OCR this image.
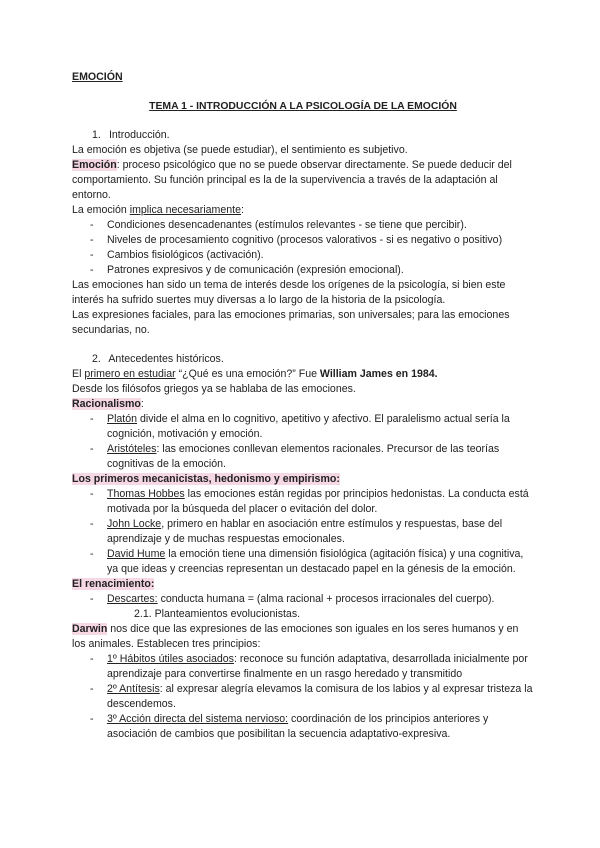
EMOCIÓN
TEMA 1 - INTRODUCCIÓN A LA PSICOLOGÍA DE LA EMOCIÓN
1. Introducción.

La emoción es objetiva (se puede estudiar), el sentimiento es subjetivo.

Emoción: proceso psicológico que no se puede observar directamente. Se puede deducir del comportamiento. Su función principal es la de la supervivencia a través de la adaptación al entorno.

La emoción implica necesariamente:

- Condiciones desencadenantes (estímulos relevantes - se tiene que percibir).
- Niveles de procesamiento cognitivo (procesos valorativos - si es negativo o positivo)
- Cambios fisiológicos (activación).
- Patrones expresivos y de comunicación (expresión emocional).

Las emociones han sido un tema de interés desde los orígenes de la psicología, si bien este interés ha sufrido suertes muy diversas a lo largo de la historia de la psicología.

Las expresiones faciales, para las emociones primarias, son universales; para las emociones secundarias, no.

2. Antecedentes históricos.

El primero en estudiar “¿Qué es una emoción?” Fue William James en 1984.

Desde los filósofos griegos ya se hablaba de las emociones.

Racionalismo:

- Platón divide el alma en lo cognitivo, apetitivo y afectivo. El paralelismo actual sería la cognición, motivación y emoción.
- Aristóteles: las emociones conllevan elementos racionales. Precursor de las teorías cognitivas de la emoción.

Los primeros mecanicistas, hedonismo y empirismo:

- Thomas Hobbes las emociones están regidas por principios hedonistas. La conducta está motivada por la búsqueda del placer o evitación del dolor.
- John Locke, primero en hablar en asociación entre estímulos y respuestas, base del aprendizaje y de muchas respuestas emocionales.
- David Hume la emoción tiene una dimensión fisiológica (agitación física) y una cognitiva, ya que ideas y creencias representan un destacado papel en la génesis de la emoción.

El renacimiento:

- Descartes: conducta humana = (alma racional + procesos irracionales del cuerpo).
2.1. Planteamientos evolucionistas.

Darwin nos dice que las expresiones de las emociones son iguales en los seres humanos y en los animales. Establecen tres principios:

- 1º Hábitos útiles asociados: reconoce su función adaptativa, desarrollada inicialmente por aprendizaje para convertirse finalmente en un rasgo heredado y transmitido
- 2º Antítesis: al expresar alegría elevamos la comisura de los labios y al expresar tristeza la descendemos.
- 3º Acción directa del sistema nervioso: coordinación de los principios anteriores y asociación de cambios que posibilitan la secuencia adaptativo-expresiva.
